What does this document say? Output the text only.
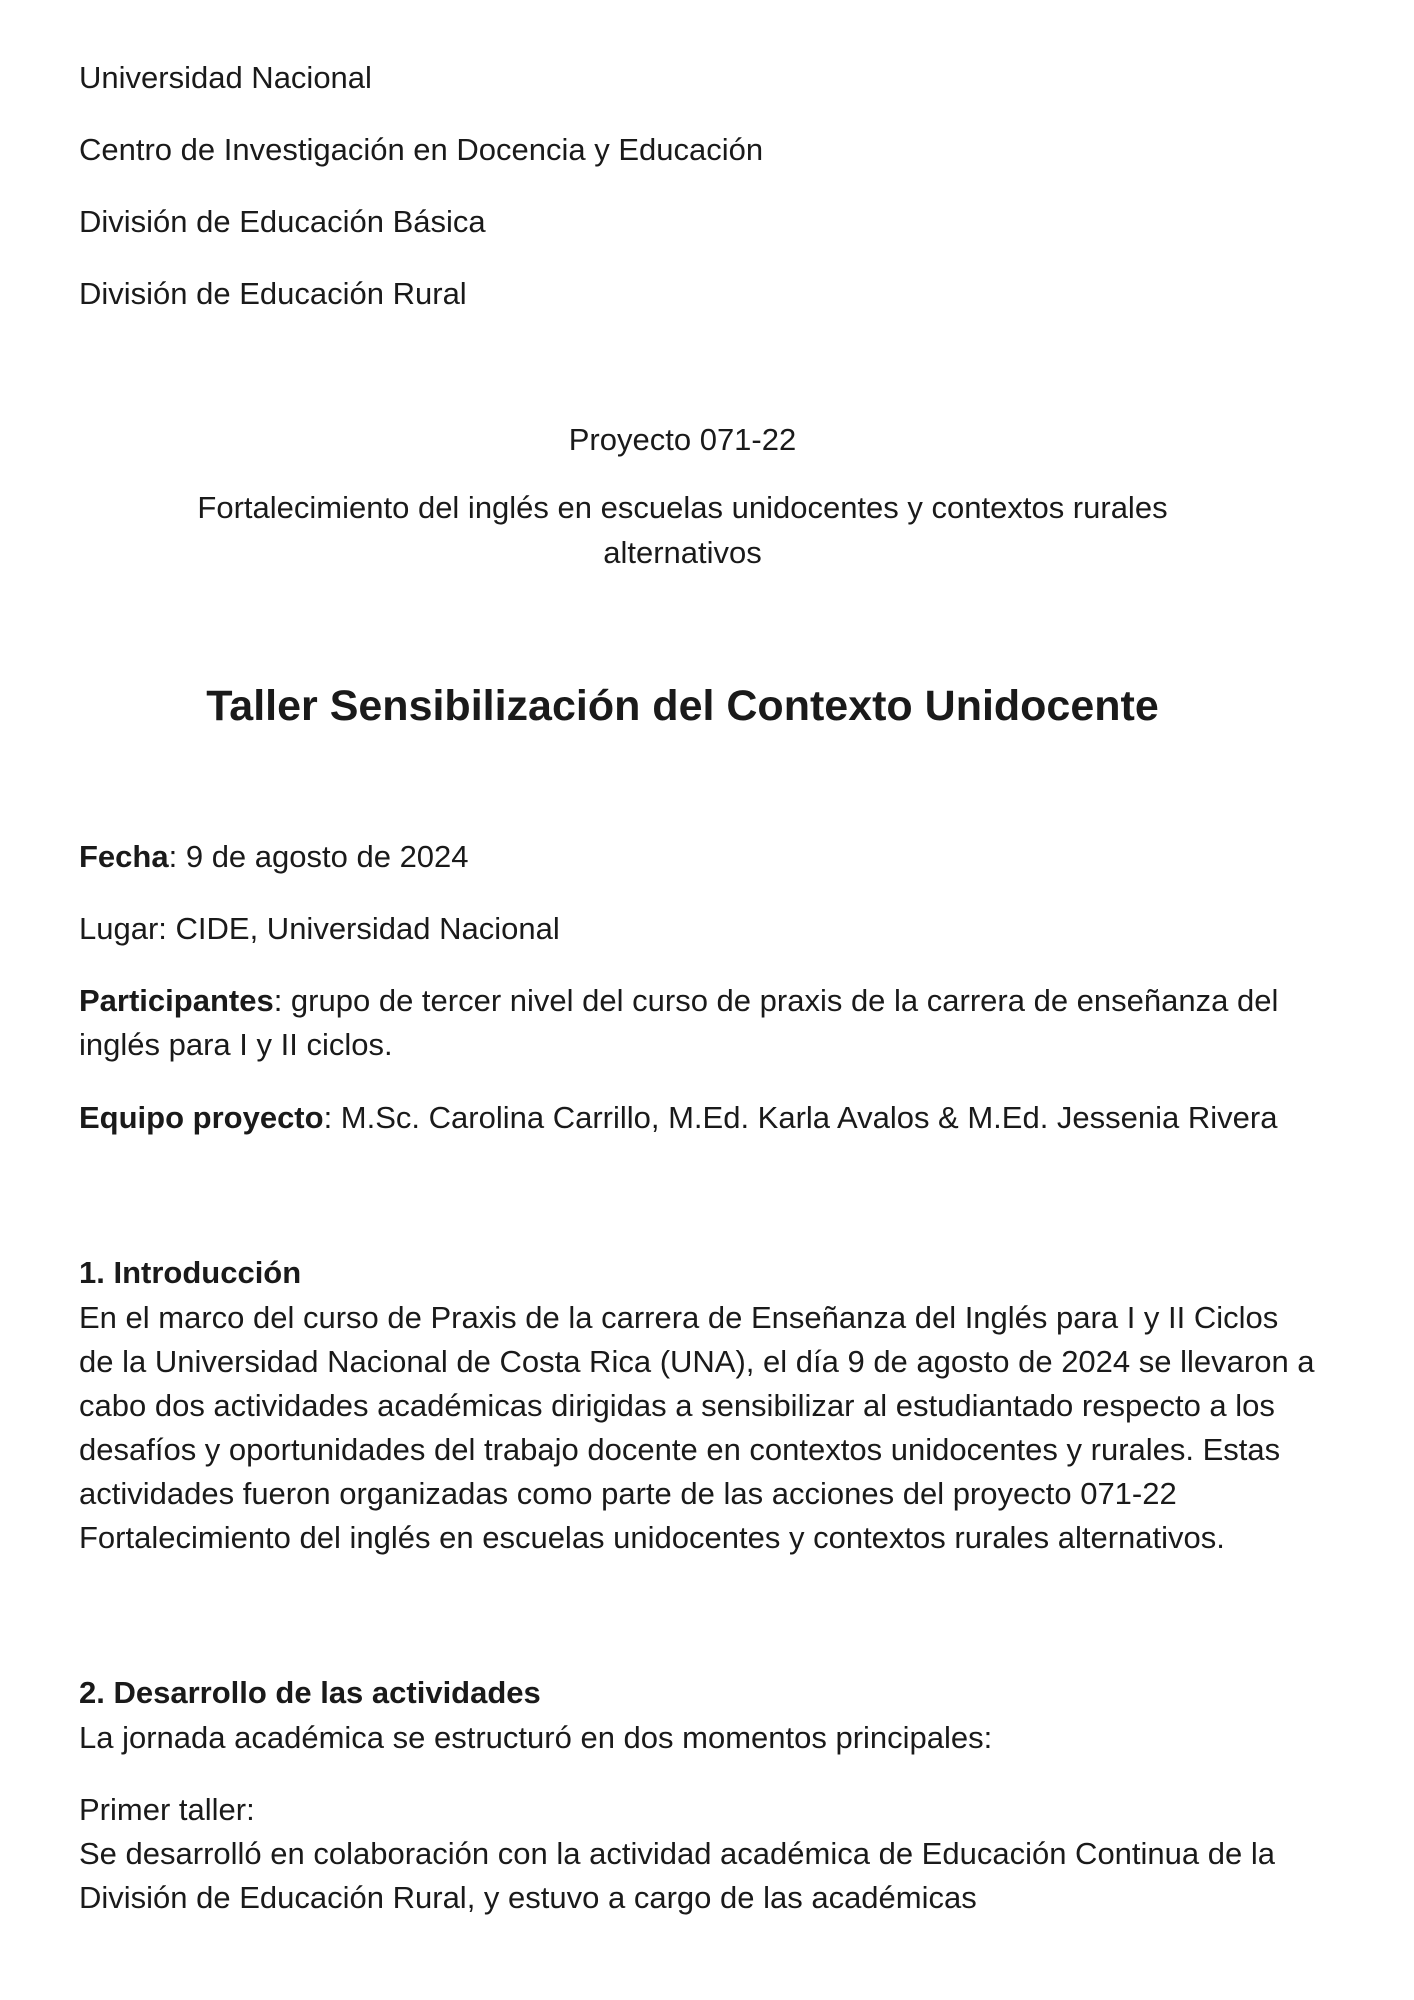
Universidad Nacional
Centro de Investigación en Docencia y Educación
División de Educación Básica
División de Educación Rural
Proyecto 071-22
Fortalecimiento del inglés en escuelas unidocentes y contextos rurales alternativos
Taller Sensibilización del Contexto Unidocente
Fecha: 9 de agosto de 2024
Lugar: CIDE, Universidad Nacional
Participantes: grupo de tercer nivel del curso de praxis de la carrera de enseñanza del inglés para I y II ciclos.
Equipo proyecto: M.Sc. Carolina Carrillo, M.Ed. Karla Avalos & M.Ed. Jessenia Rivera
1. Introducción
En el marco del curso de Praxis de la carrera de Enseñanza del Inglés para I y II Ciclos de la Universidad Nacional de Costa Rica (UNA), el día 9 de agosto de 2024 se llevaron a cabo dos actividades académicas dirigidas a sensibilizar al estudiantado respecto a los desafíos y oportunidades del trabajo docente en contextos unidocentes y rurales. Estas actividades fueron organizadas como parte de las acciones del proyecto 071-22 Fortalecimiento del inglés en escuelas unidocentes y contextos rurales alternativos.
2. Desarrollo de las actividades
La jornada académica se estructuró en dos momentos principales:
Primer taller:
Se desarrolló en colaboración con la actividad académica de Educación Continua de la División de Educación Rural, y estuvo a cargo de las académicas
